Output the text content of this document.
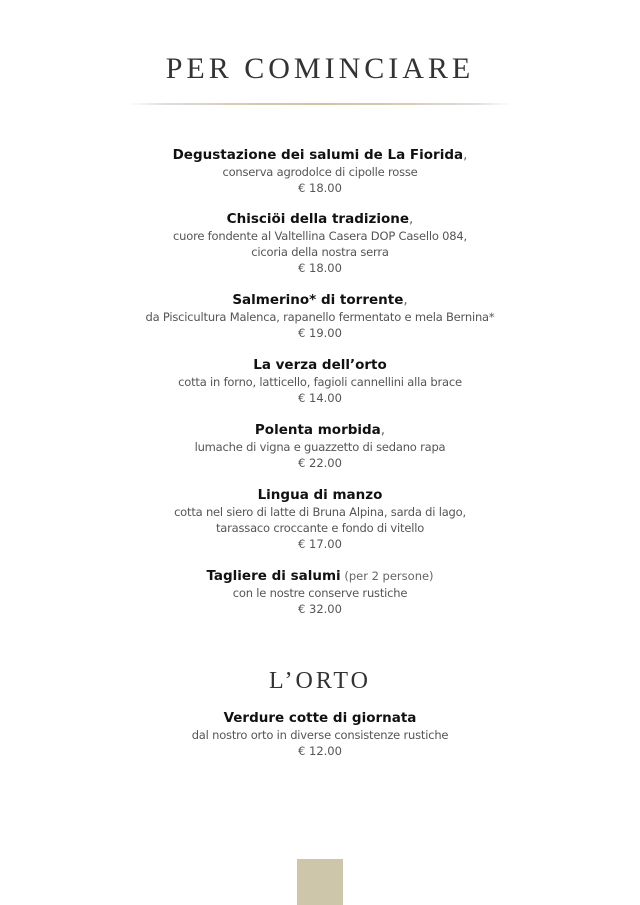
PER COMINCIARE
Degustazione dei salumi de La Fiorida,
conserva agrodolce di cipolle rosse
€ 18.00
Chisciöi della tradizione,
cuore fondente al Valtellina Casera DOP Casello 084,
cicoria della nostra serra
€ 18.00
Salmerino* di torrente,
da Piscicultura Malenca, rapanello fermentato e mela Bernina*
€ 19.00
La verza dell’orto
cotta in forno, latticello, fagioli cannellini alla brace
€ 14.00
Polenta morbida,
lumache di vigna e guazzetto di sedano rapa
€ 22.00
Lingua di manzo
cotta nel siero di latte di Bruna Alpina, sarda di lago,
tarassaco croccante e fondo di vitello
€ 17.00
Tagliere di salumi (per 2 persone)
con le nostre conserve rustiche
€ 32.00
L’ORTO
Verdure cotte di giornata
dal nostro orto in diverse consistenze rustiche
€ 12.00
